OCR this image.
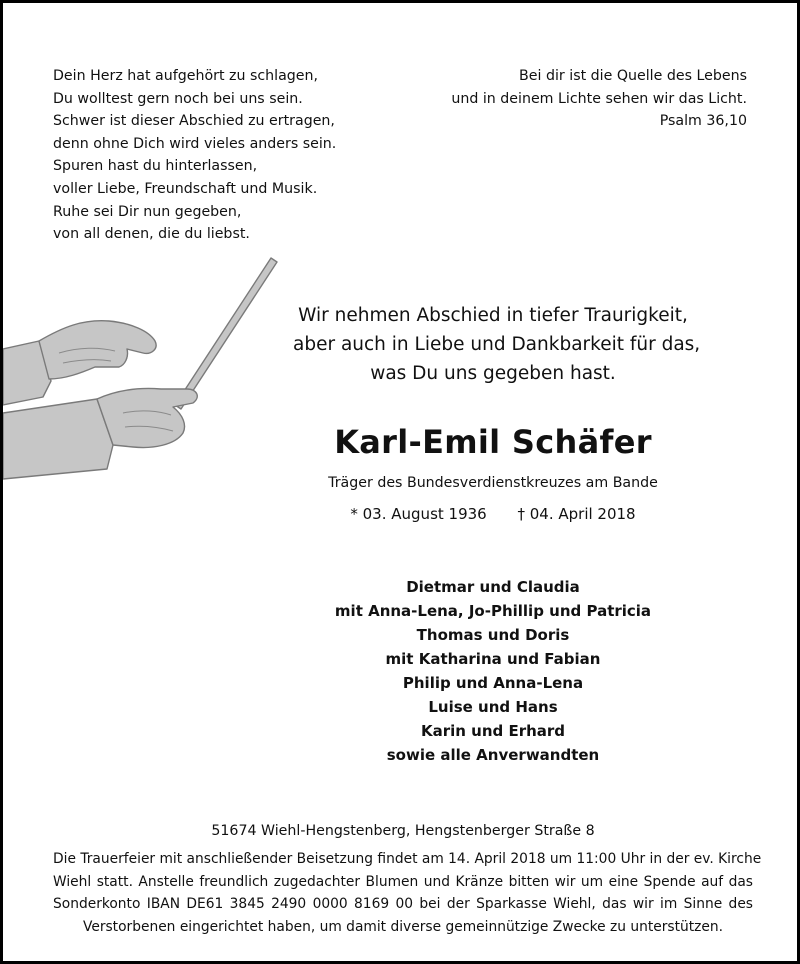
Dein Herz hat aufgehört zu schlagen,
Du wolltest gern noch bei uns sein.
Schwer ist dieser Abschied zu ertragen,
denn ohne Dich wird vieles anders sein.
Spuren hast du hinterlassen,
voller Liebe, Freundschaft und Musik.
Ruhe sei Dir nun gegeben,
von all denen, die du liebst.
Bei dir ist die Quelle des Lebens
und in deinem Lichte sehen wir das Licht.
Psalm 36,10
Wir nehmen Abschied in tiefer Traurigkeit,
aber auch in Liebe und Dankbarkeit für das,
was Du uns gegeben hast.
Karl-Emil Schäfer
Träger des Bundesverdienstkreuzes am Bande
* 03. August 1936 † 04. April 2018
Dietmar und Claudia
mit Anna-Lena, Jo-Phillip und Patricia
Thomas und Doris
mit Katharina und Fabian
Philip und Anna-Lena
Luise und Hans
Karin und Erhard
sowie alle Anverwandten
51674 Wiehl-Hengstenberg, Hengstenberger Straße 8
Die Trauerfeier mit anschließender Beisetzung findet am 14. April 2018 um 11:00 Uhr in der ev. Kirche
Wiehl statt. Anstelle freundlich zugedachter Blumen und Kränze bitten wir um eine Spende auf das
Sonderkonto IBAN DE61 3845 2490 0000 8169 00 bei der Sparkasse Wiehl, das wir im Sinne des
Verstorbenen eingerichtet haben, um damit diverse gemeinnützige Zwecke zu unterstützen.
